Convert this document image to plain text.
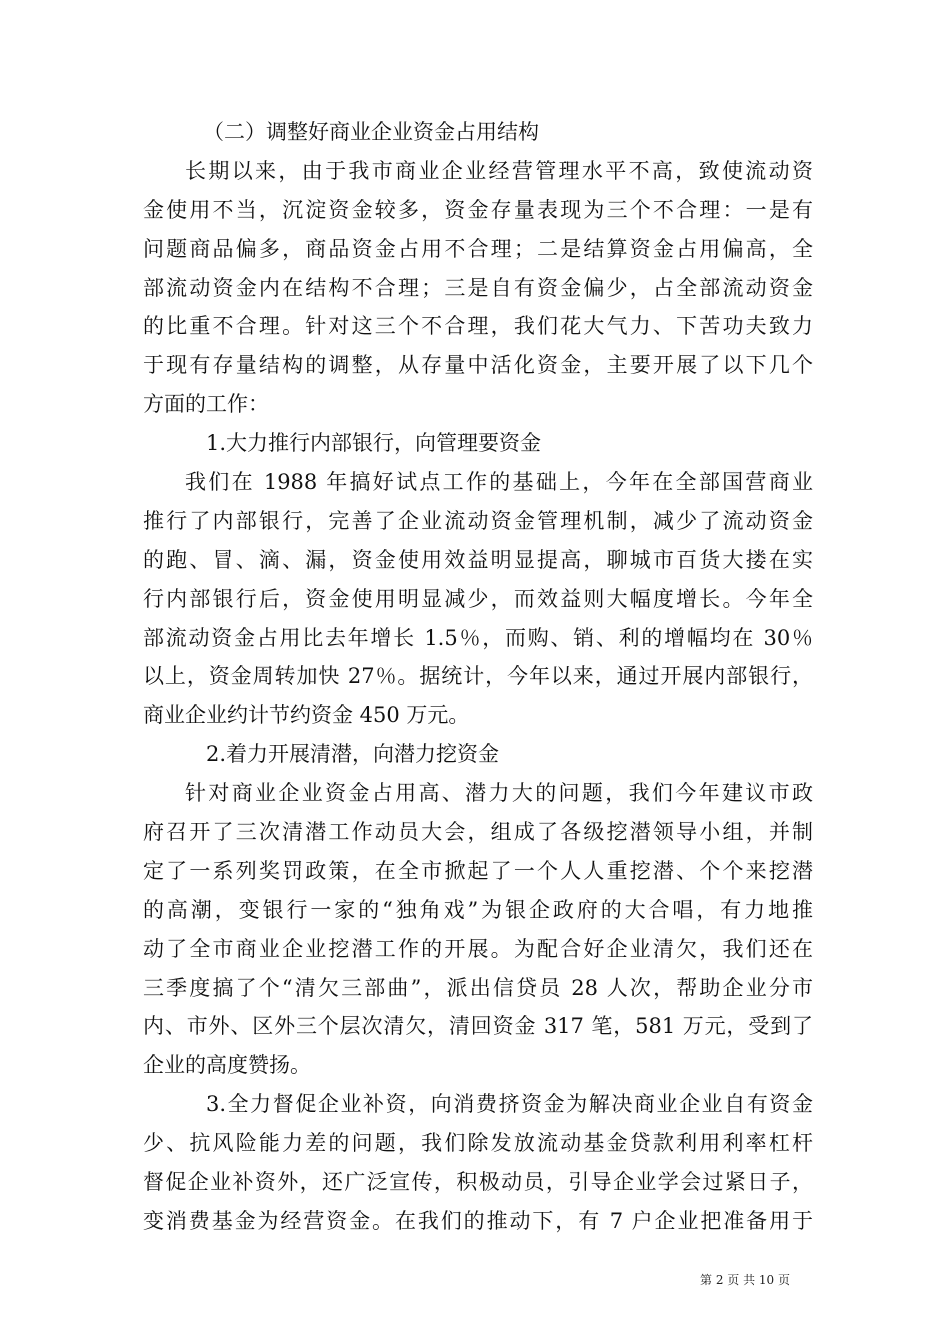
（二）调整好商业企业资金占用结构
长期以来，由于我市商业企业经营管理水平不高，致使流动资
金使用不当，沉淀资金较多，资金存量表现为三个不合理：一是有
问题商品偏多，商品资金占用不合理；二是结算资金占用偏高，全
部流动资金内在结构不合理；三是自有资金偏少，占全部流动资金
的比重不合理。针对这三个不合理，我们花大气力、下苦功夫致力
于现有存量结构的调整，从存量中活化资金，主要开展了以下几个
方面的工作：
1.大力推行内部银行，向管理要资金
我们在 1988 年搞好试点工作的基础上，今年在全部国营商业
推行了内部银行，完善了企业流动资金管理机制，减少了流动资金
的跑、冒、滴、漏，资金使用效益明显提高，聊城市百货大搂在实
行内部银行后，资金使用明显减少，而效益则大幅度增长。今年全
部流动资金占用比去年增长 1.5％，而购、销、利的增幅均在 30％
以上，资金周转加快 27％。据统计，今年以来，通过开展内部银行，
商业企业约计节约资金 450 万元。
2.着力开展清潜，向潜力挖资金
针对商业企业资金占用高、潜力大的问题，我们今年建议市政
府召开了三次清潜工作动员大会，组成了各级挖潜领导小组，并制
定了一系列奖罚政策，在全市掀起了一个人人重挖潜、个个来挖潜
的高潮，变银行一家的“独角戏”为银企政府的大合唱，有力地推
动了全市商业企业挖潜工作的开展。为配合好企业清欠，我们还在
三季度搞了个“清欠三部曲”，派出信贷员 28 人次，帮助企业分市
内、市外、区外三个层次清欠，清回资金 317 笔，581 万元，受到了
企业的高度赞扬。
3.全力督促企业补资，向消费挤资金为解决商业企业自有资金
少、抗风险能力差的问题，我们除发放流动基金贷款利用利率杠杆
督促企业补资外，还广泛宣传，积极动员，引导企业学会过紧日子，
变消费基金为经营资金。在我们的推动下，有 7 户企业把准备用于
第 2 页 共 10 页
